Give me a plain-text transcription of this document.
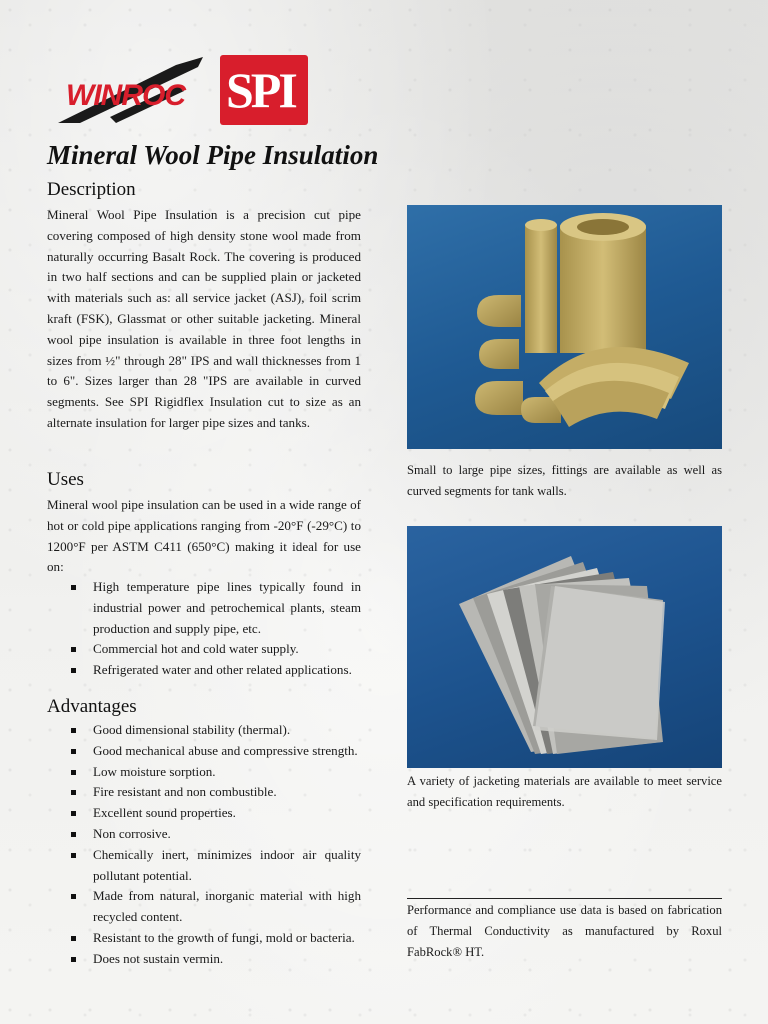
WINROC SPI
Mineral Wool Pipe Insulation
Description

Mineral Wool Pipe Insulation is a precision cut pipe covering composed of high density stone wool made from naturally occurring Basalt Rock. The covering is produced in two half sections and can be supplied plain or jacketed with materials such as: all service jacket (ASJ), foil scrim kraft (FSK), Glassmat or other suitable jacketing. Mineral wool pipe insulation is available in three foot lengths in sizes from ½" through 28" IPS and wall thicknesses from 1 to 6". Sizes larger than 28 "IPS are available in curved segments. See SPI Rigidflex Insulation cut to size as an alternate insulation for larger pipe sizes and tanks.

Uses

Mineral wool pipe insulation can be used in a wide range of hot or cold pipe applications ranging from -20°F (-29°C) to 1200°F per ASTM C411 (650°C) making it ideal for use on:

High temperature pipe lines typically found in industrial power and petrochemical plants, steam production and supply pipe, etc.
Commercial hot and cold water supply.
Refrigerated water and other related applications.
Advantages
Good dimensional stability (thermal).
Good mechanical abuse and compressive strength.
Low moisture sorption.
Fire resistant and non combustible.
Excellent sound properties.
Non corrosive.
Chemically inert, minimizes indoor air quality pollutant potential.
Made from natural, inorganic material with high recycled content.
Resistant to the growth of fungi, mold or bacteria.
Does not sustain vermin.

Small to large pipe sizes, fittings are available as well as curved segments for tank walls.

A variety of jacketing materials are available to meet service and specification requirements.

Performance and compliance use data is based on fabrication of Thermal Conductivity as manufactured by Roxul FabRock® HT.
